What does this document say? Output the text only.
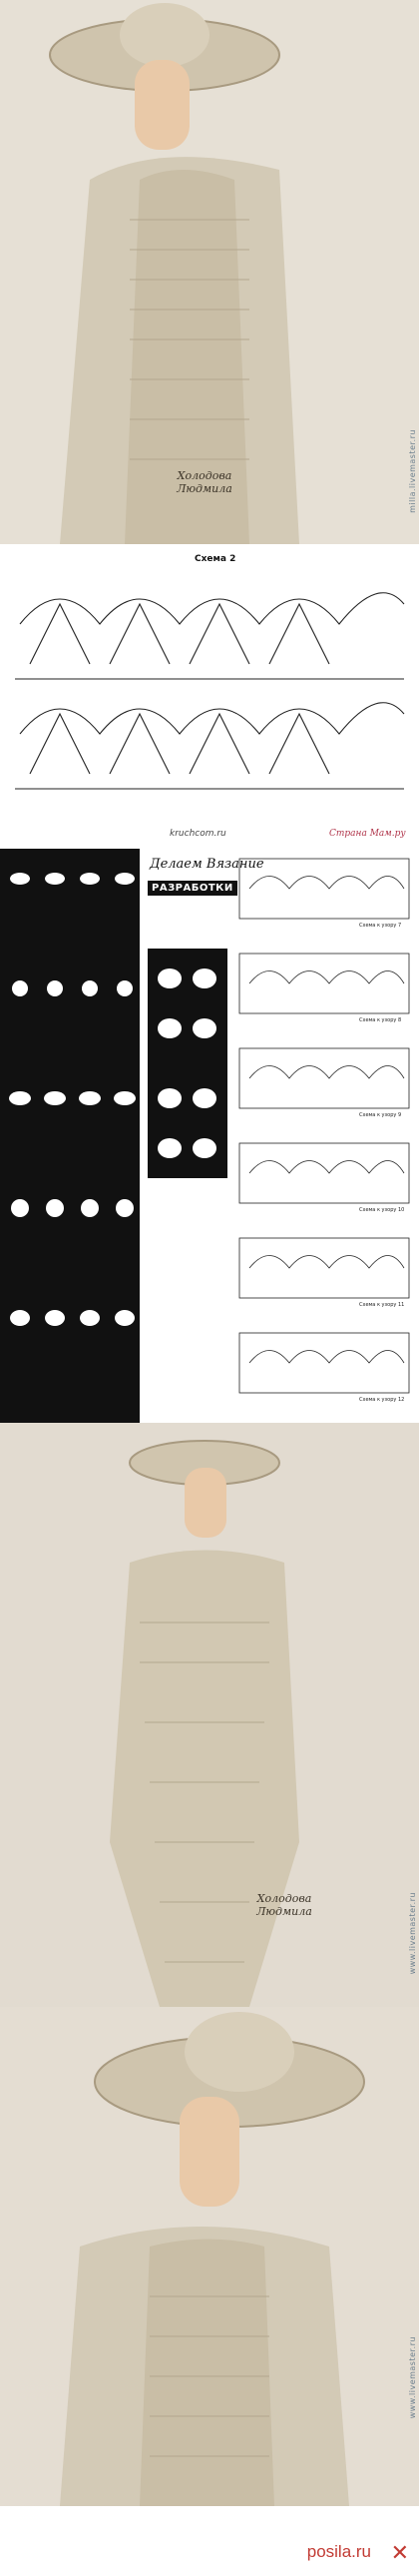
Холодова
Людмила	milla.livemaster.ru
Схема 2
kruchcom.ru	Страна Мам.ру
Делаем Вязание
РАЗРАБОТКИ
Схема к узору 7
Схема к узору 8
Схема к узору 9
Схема к узору 10
Схема к узору 11
Схема к узору 12
Холодова
Людмила	www.livemaster.ru
www.livemaster.ru
posila.ru ✕
